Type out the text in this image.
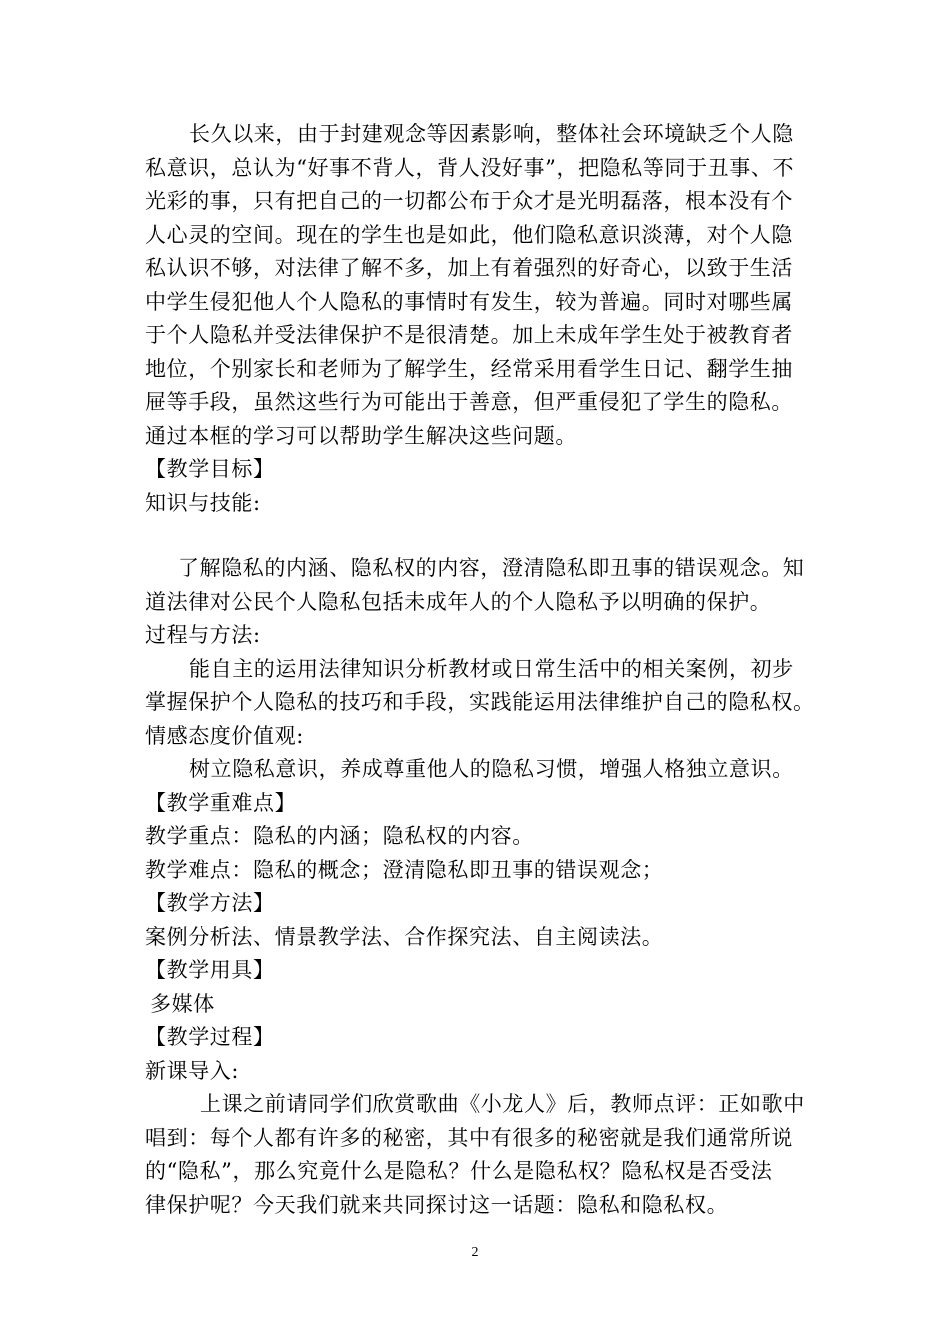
长久以来，由于封建观念等因素影响，整体社会环境缺乏个人隐
私意识，总认为“好事不背人，背人没好事”，把隐私等同于丑事、不
光彩的事，只有把自己的一切都公布于众才是光明磊落，根本没有个
人心灵的空间。现在的学生也是如此，他们隐私意识淡薄，对个人隐
私认识不够，对法律了解不多，加上有着强烈的好奇心，以致于生活
中学生侵犯他人个人隐私的事情时有发生，较为普遍。同时对哪些属
于个人隐私并受法律保护不是很清楚。加上未成年学生处于被教育者
地位，个别家长和老师为了解学生，经常采用看学生日记、翻学生抽
屉等手段，虽然这些行为可能出于善意，但严重侵犯了学生的隐私。
通过本框的学习可以帮助学生解决这些问题。
【教学目标】
知识与技能:
了解隐私的内涵、隐私权的内容，澄清隐私即丑事的错误观念。知
道法律对公民个人隐私包括未成年人的个人隐私予以明确的保护。
过程与方法:
能自主的运用法律知识分析教材或日常生活中的相关案例，初步
掌握保护个人隐私的技巧和手段，实践能运用法律维护自己的隐私权。
情感态度价值观:
树立隐私意识，养成尊重他人的隐私习惯，增强人格独立意识。
【教学重难点】
教学重点：隐私的内涵；隐私权的内容。
教学难点：隐私的概念；澄清隐私即丑事的错误观念；
【教学方法】
案例分析法、情景教学法、合作探究法、自主阅读法。
【教学用具】
多媒体
【教学过程】
新课导入:
上课之前请同学们欣赏歌曲《小龙人》后，教师点评：正如歌中
唱到：每个人都有许多的秘密，其中有很多的秘密就是我们通常所说
的“隐私”，那么究竟什么是隐私？什么是隐私权？隐私权是否受法
律保护呢？今天我们就来共同探讨这一话题：隐私和隐私权。
2
